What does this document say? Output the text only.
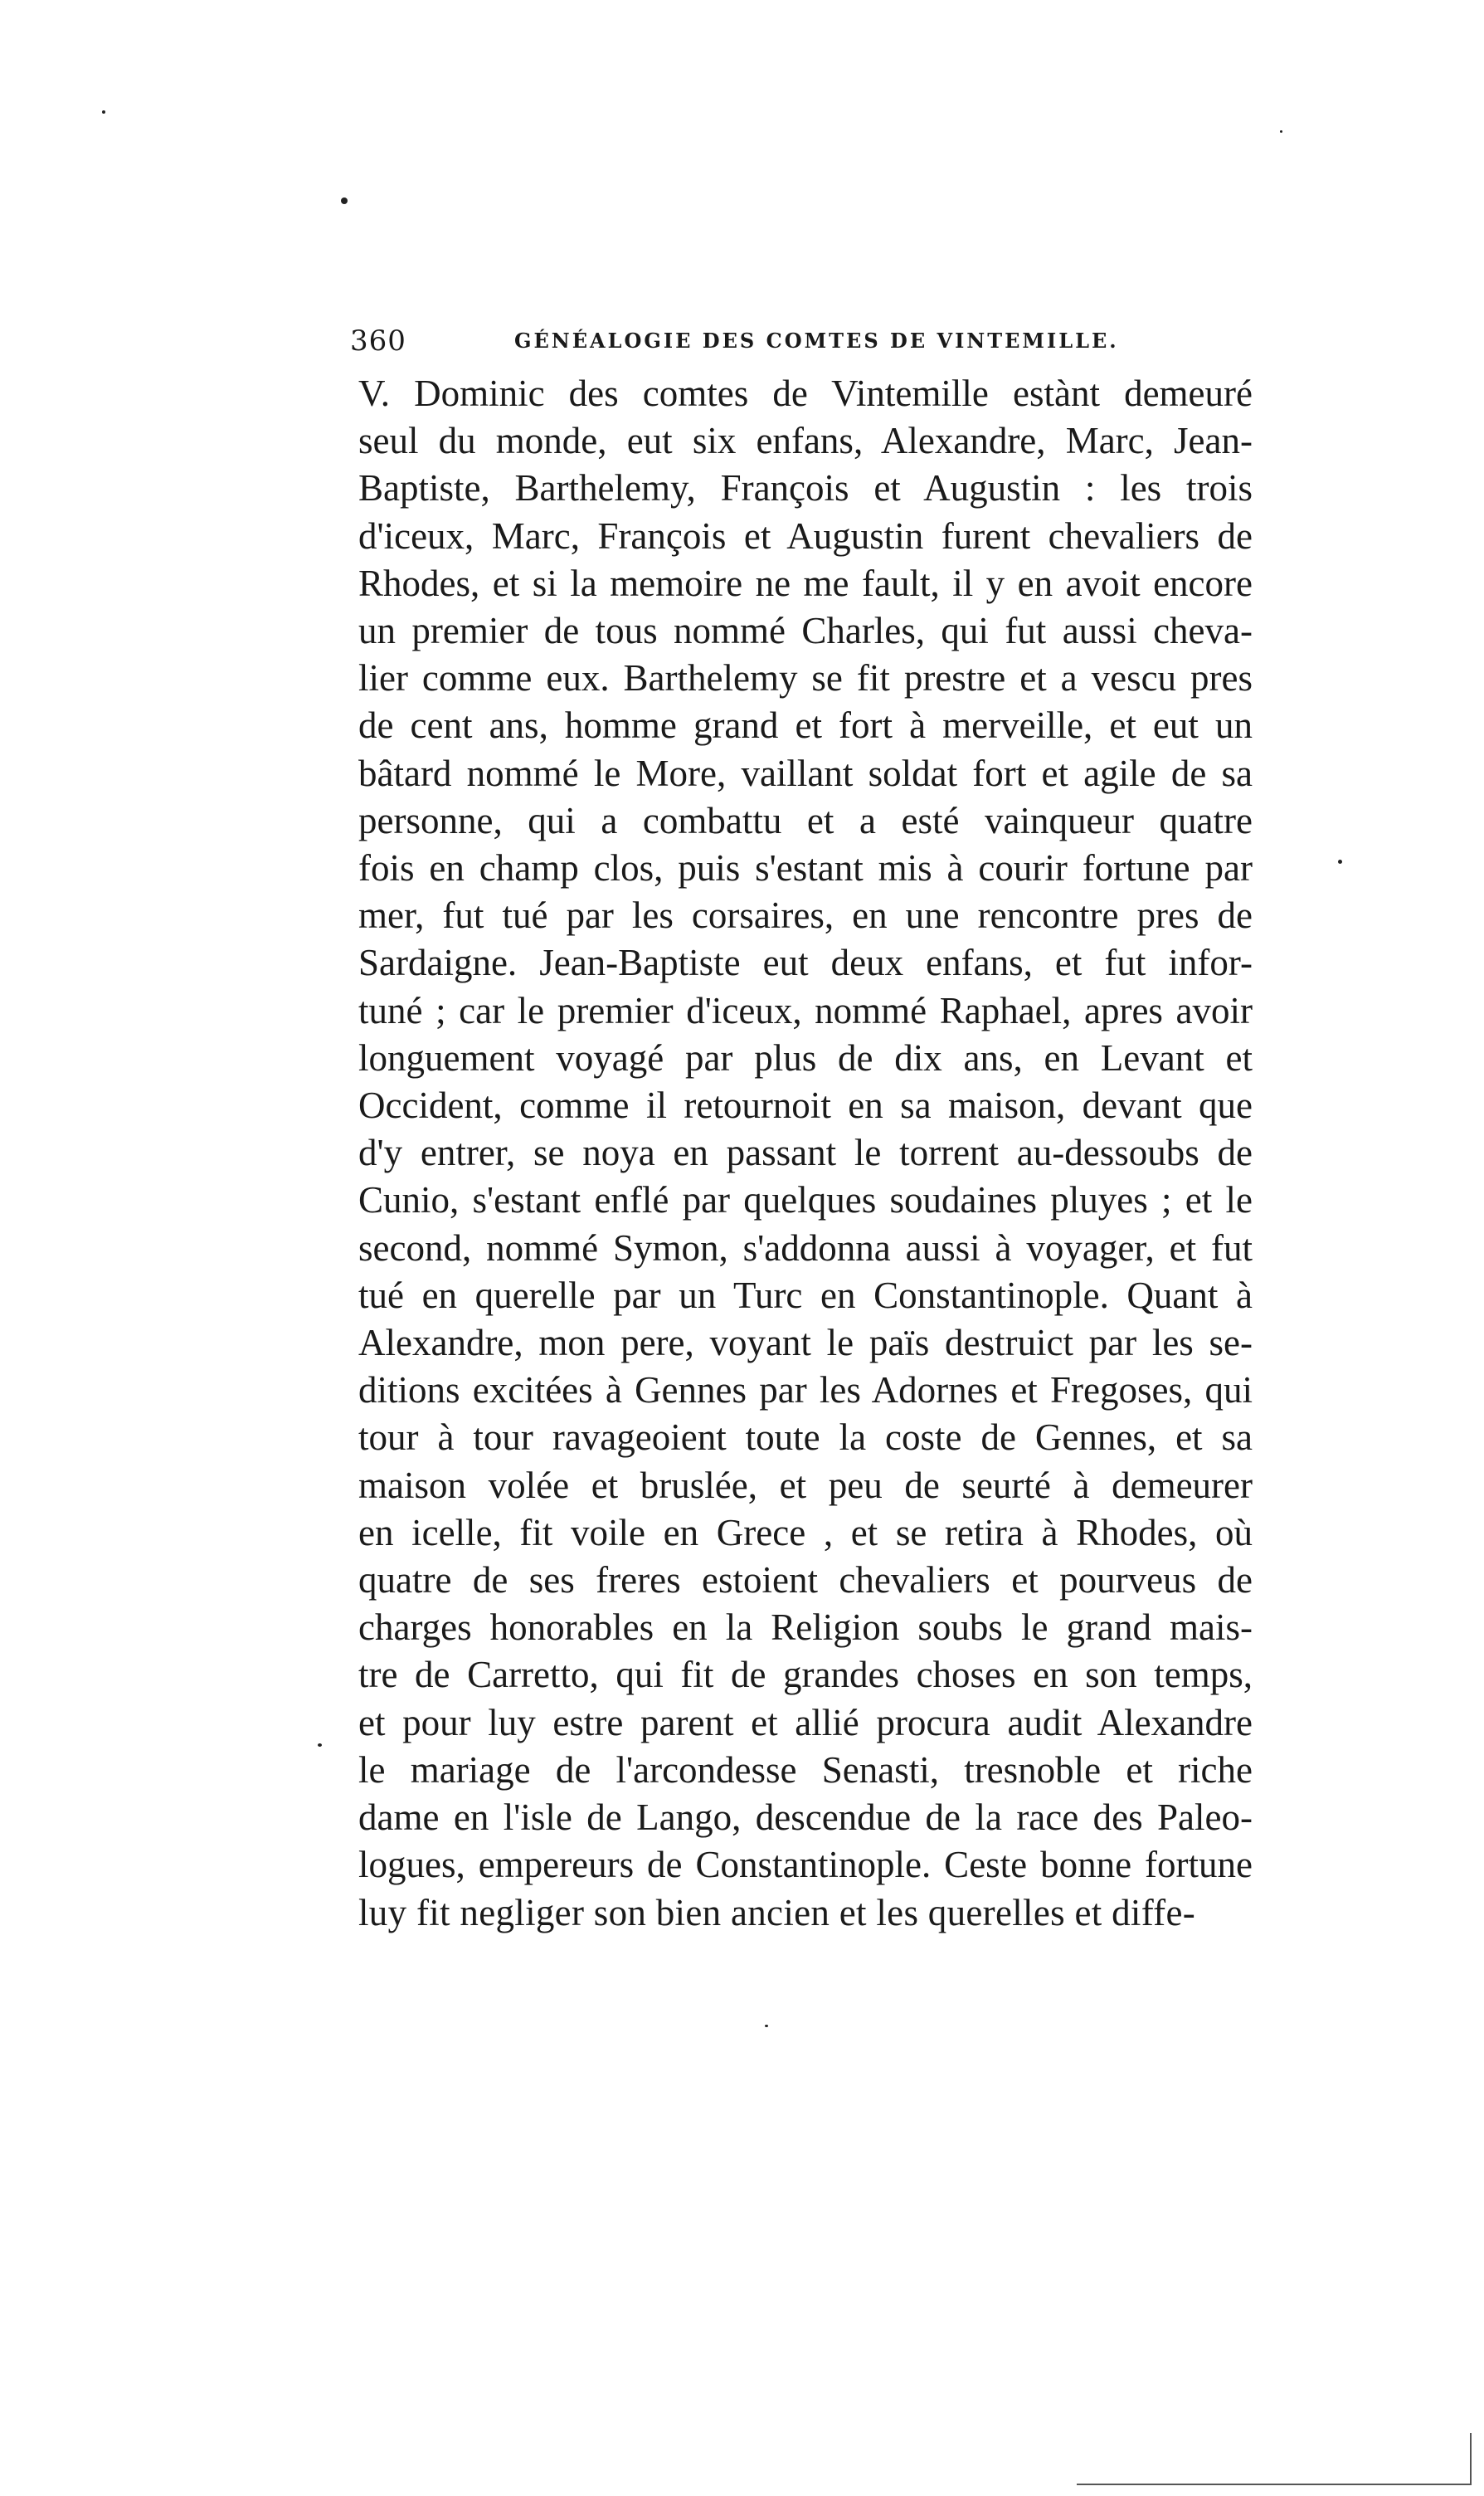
360	GÉNÉALOGIE DES COMTES DE VINTEMILLE.
V. Dominic des comtes de Vintemille estànt demeuré
seul du monde, eut six enfans, Alexandre, Marc, Jean-
Baptiste, Barthelemy, François et Augustin : les trois
d'iceux, Marc, François et Augustin furent chevaliers de
Rhodes, et si la memoire ne me fault, il y en avoit encore
un premier de tous nommé Charles, qui fut aussi cheva-
lier comme eux. Barthelemy se fit prestre et a vescu pres
de cent ans, homme grand et fort à merveille, et eut un
bâtard nommé le More, vaillant soldat fort et agile de sa
personne, qui a combattu et a esté vainqueur quatre
fois en champ clos, puis s'estant mis à courir fortune par
mer, fut tué par les corsaires, en une rencontre pres de
Sardaigne. Jean-Baptiste eut deux enfans, et fut infor-
tuné ; car le premier d'iceux, nommé Raphael, apres avoir
longuement voyagé par plus de dix ans, en Levant et
Occident, comme il retournoit en sa maison, devant que
d'y entrer, se noya en passant le torrent au-dessoubs de
Cunio, s'estant enflé par quelques soudaines pluyes ; et le
second, nommé Symon, s'addonna aussi à voyager, et fut
tué en querelle par un Turc en Constantinople. Quant à
Alexandre, mon pere, voyant le païs destruict par les se-
ditions excitées à Gennes par les Adornes et Fregoses, qui
tour à tour ravageoient toute la coste de Gennes, et sa
maison volée et bruslée, et peu de seurté à demeurer
en icelle, fit voile en Grece , et se retira à Rhodes, où
quatre de ses freres estoient chevaliers et pourveus de
charges honorables en la Religion soubs le grand mais-
tre de Carretto, qui fit de grandes choses en son temps,
et pour luy estre parent et allié procura audit Alexandre
le mariage de l'arcondesse Senasti, tresnoble et riche
dame en l'isle de Lango, descendue de la race des Paleo-
logues, empereurs de Constantinople. Ceste bonne fortune
luy fit negliger son bien ancien et les querelles et diffe-
